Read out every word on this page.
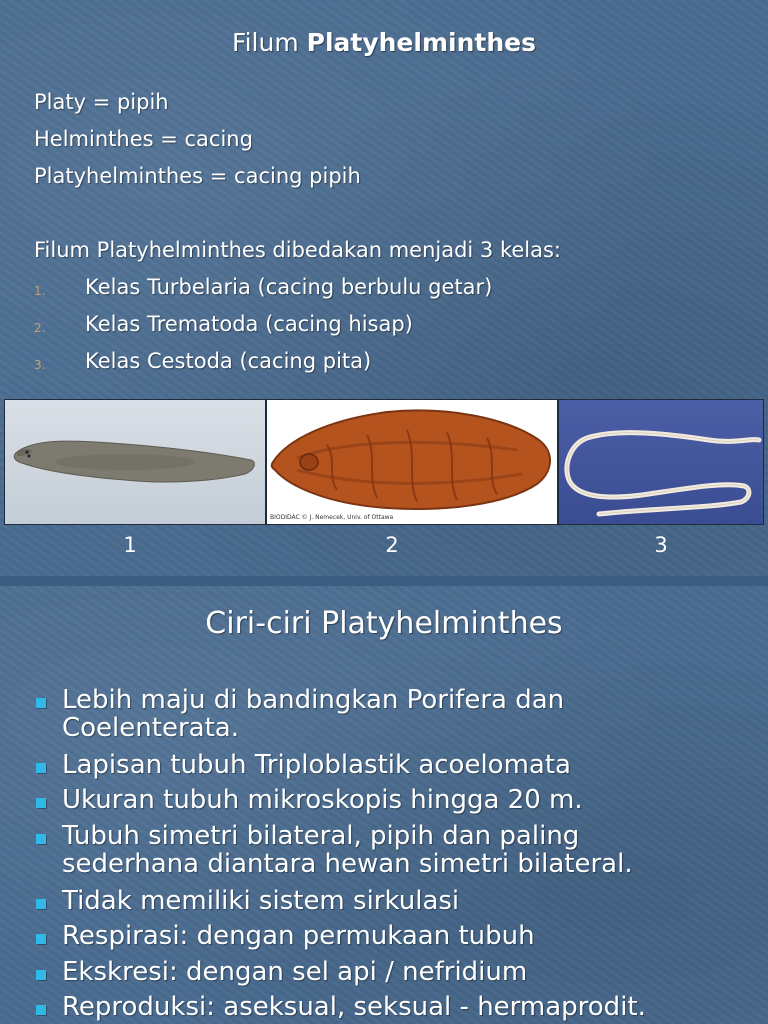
Filum Platyhelminthes
Platy = pipih
Helminthes = cacing
Platyhelminthes = cacing pipih
Filum Platyhelminthes dibedakan menjadi 3 kelas:
1. Kelas Turbelaria (cacing berbulu getar)
2. Kelas Trematoda (cacing hisap)
3. Kelas Cestoda (cacing pita)
BIODIDAC © J. Nemecek, Univ. of Ottawa
1	2	3
Ciri-ciri Platyhelminthes
Lebih maju di bandingkan Porifera dan
Coelenterata.
Lapisan tubuh Triploblastik acoelomata
Ukuran tubuh mikroskopis hingga 20 m.
Tubuh simetri bilateral, pipih dan paling
sederhana diantara hewan simetri bilateral.
Tidak memiliki sistem sirkulasi
Respirasi: dengan permukaan tubuh
Ekskresi: dengan sel api / nefridium
Reproduksi: aseksual, seksual - hermaprodit.
